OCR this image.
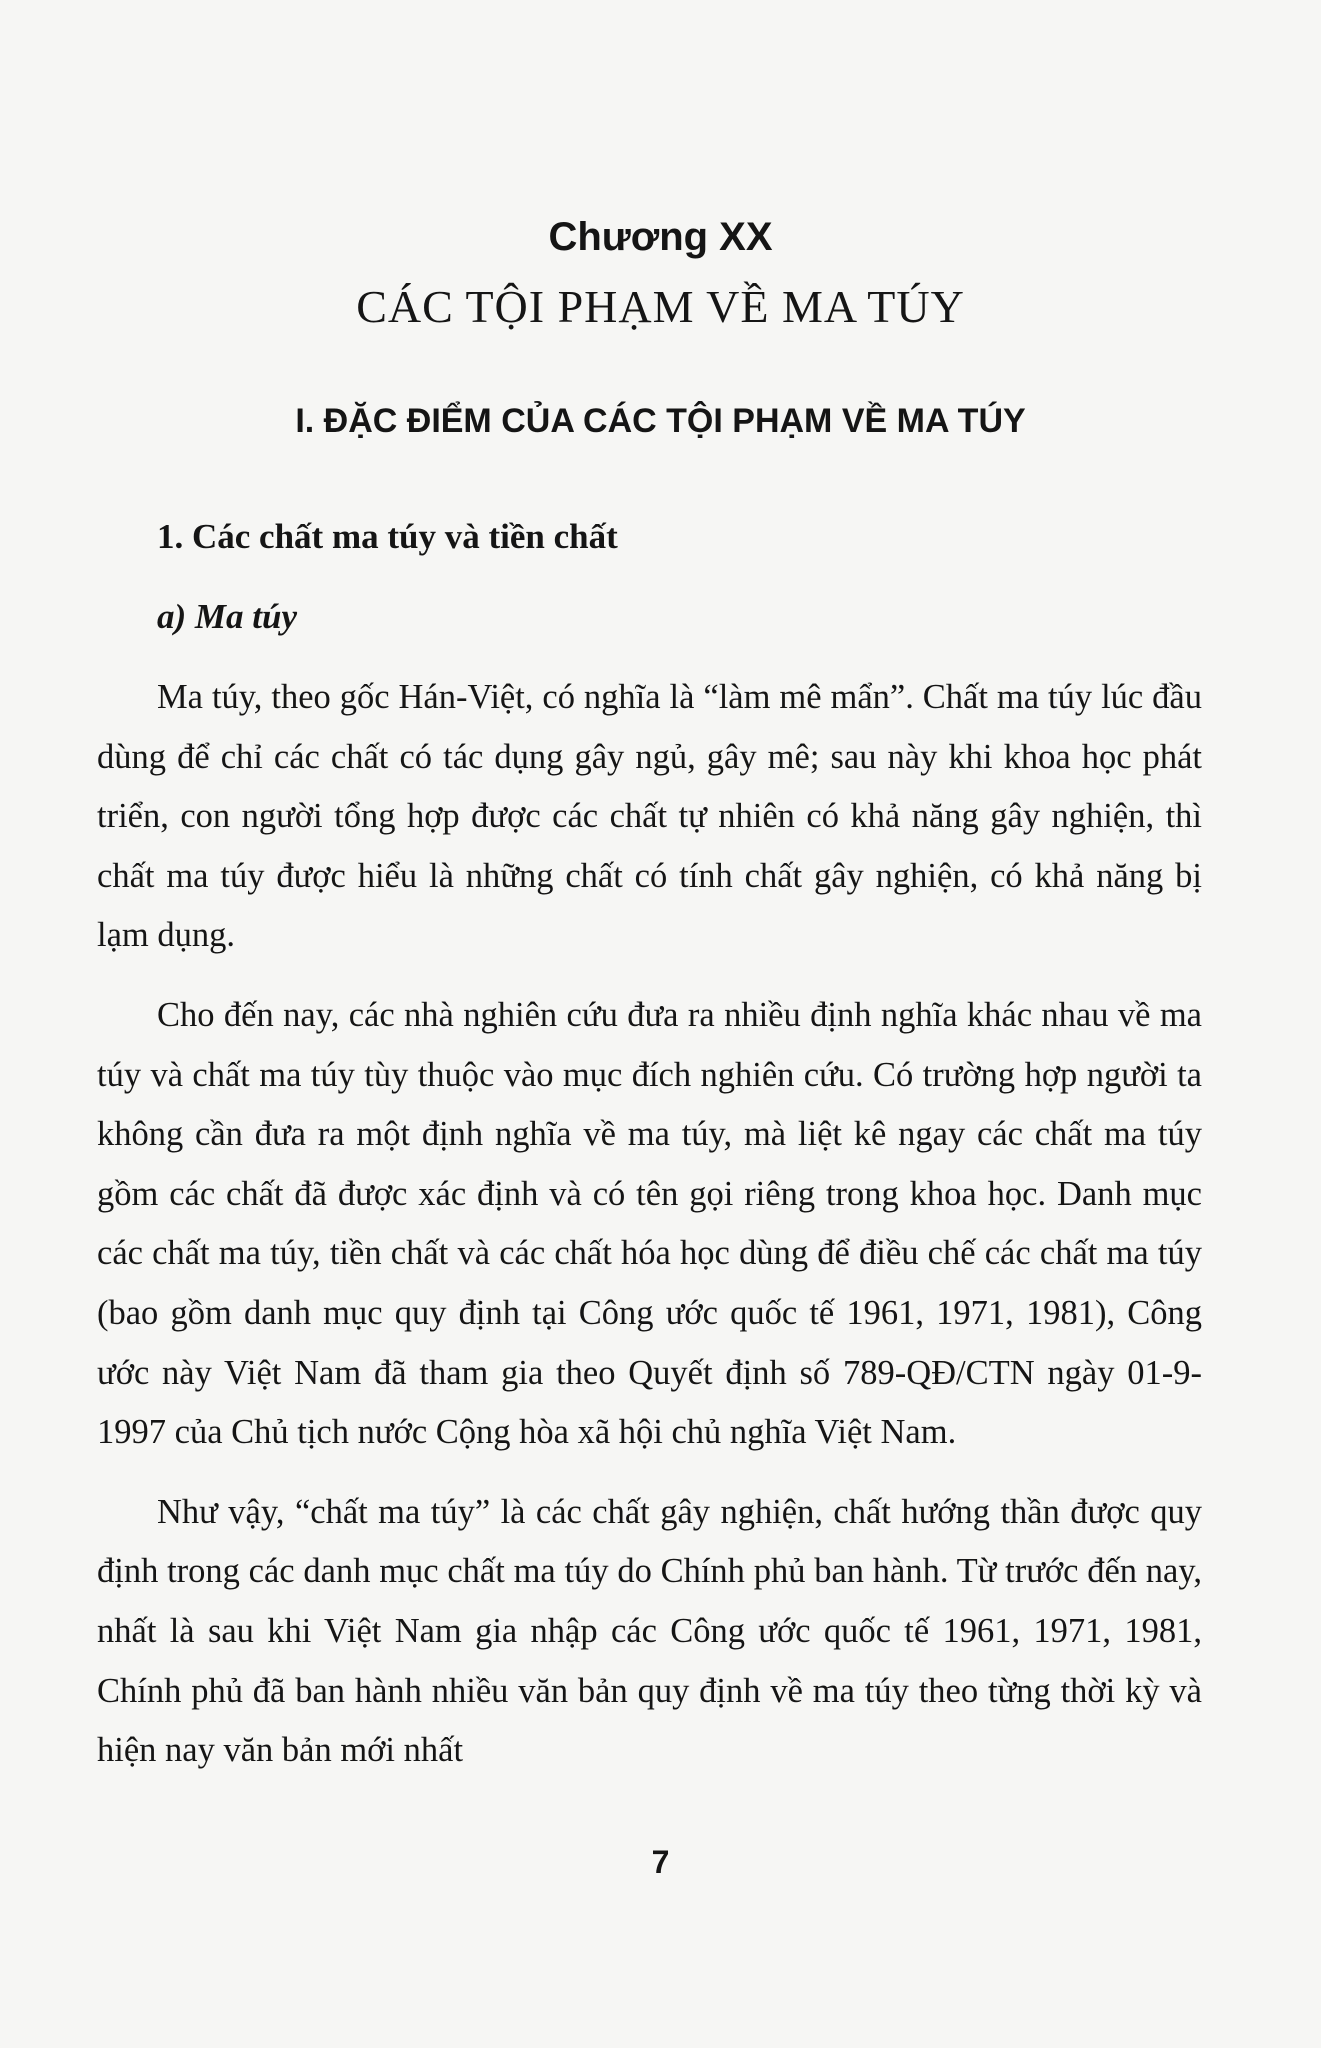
Chương XX
CÁC TỘI PHẠM VỀ MA TÚY
I. ĐẶC ĐIỂM CỦA CÁC TỘI PHẠM VỀ MA TÚY
1. Các chất ma túy và tiền chất
a) Ma túy

Ma túy, theo gốc Hán-Việt, có nghĩa là “làm mê mẩn”. Chất ma túy lúc đầu dùng để chỉ các chất có tác dụng gây ngủ, gây mê; sau này khi khoa học phát triển, con người tổng hợp được các chất tự nhiên có khả năng gây nghiện, thì chất ma túy được hiểu là những chất có tính chất gây nghiện, có khả năng bị lạm dụng.

Cho đến nay, các nhà nghiên cứu đưa ra nhiều định nghĩa khác nhau về ma túy và chất ma túy tùy thuộc vào mục đích nghiên cứu. Có trường hợp người ta không cần đưa ra một định nghĩa về ma túy, mà liệt kê ngay các chất ma túy gồm các chất đã được xác định và có tên gọi riêng trong khoa học. Danh mục các chất ma túy, tiền chất và các chất hóa học dùng để điều chế các chất ma túy (bao gồm danh mục quy định tại Công ước quốc tế 1961, 1971, 1981), Công ước này Việt Nam đã tham gia theo Quyết định số 789-QĐ/CTN ngày 01-9-1997 của Chủ tịch nước Cộng hòa xã hội chủ nghĩa Việt Nam.

Như vậy, “chất ma túy” là các chất gây nghiện, chất hướng thần được quy định trong các danh mục chất ma túy do Chính phủ ban hành. Từ trước đến nay, nhất là sau khi Việt Nam gia nhập các Công ước quốc tế 1961, 1971, 1981, Chính phủ đã ban hành nhiều văn bản quy định về ma túy theo từng thời kỳ và hiện nay văn bản mới nhất

7
